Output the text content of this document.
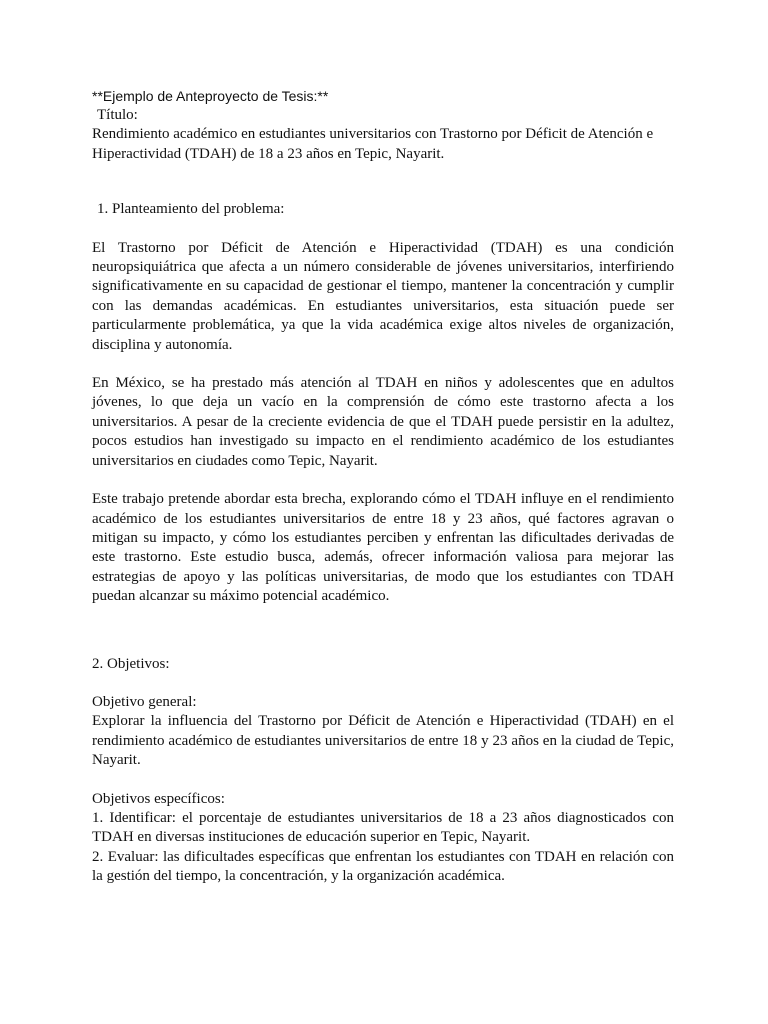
**Ejemplo de Anteproyecto de Tesis:**

Título:

Rendimiento académico en estudiantes universitarios con Trastorno por Déficit de Atención e Hiperactividad (TDAH) de 18 a 23 años en Tepic, Nayarit.

1. Planteamiento del problema:

El Trastorno por Déficit de Atención e Hiperactividad (TDAH) es una condición neuropsiquiátrica que afecta a un número considerable de jóvenes universitarios, interfiriendo significativamente en su capacidad de gestionar el tiempo, mantener la concentración y cumplir con las demandas académicas. En estudiantes universitarios, esta situación puede ser particularmente problemática, ya que la vida académica exige altos niveles de organización, disciplina y autonomía.

En México, se ha prestado más atención al TDAH en niños y adolescentes que en adultos jóvenes, lo que deja un vacío en la comprensión de cómo este trastorno afecta a los universitarios. A pesar de la creciente evidencia de que el TDAH puede persistir en la adultez, pocos estudios han investigado su impacto en el rendimiento académico de los estudiantes universitarios en ciudades como Tepic, Nayarit.

Este trabajo pretende abordar esta brecha, explorando cómo el TDAH influye en el rendimiento académico de los estudiantes universitarios de entre 18 y 23 años, qué factores agravan o mitigan su impacto, y cómo los estudiantes perciben y enfrentan las dificultades derivadas de este trastorno. Este estudio busca, además, ofrecer información valiosa para mejorar las estrategias de apoyo y las políticas universitarias, de modo que los estudiantes con TDAH puedan alcanzar su máximo potencial académico.

2. Objetivos:

Objetivo general:

Explorar la influencia del Trastorno por Déficit de Atención e Hiperactividad (TDAH) en el rendimiento académico de estudiantes universitarios de entre 18 y 23 años en la ciudad de Tepic, Nayarit.

Objetivos específicos:

1. Identificar: el porcentaje de estudiantes universitarios de 18 a 23 años diagnosticados con TDAH en diversas instituciones de educación superior en Tepic, Nayarit.

2. Evaluar: las dificultades específicas que enfrentan los estudiantes con TDAH en relación con la gestión del tiempo, la concentración, y la organización académica.
